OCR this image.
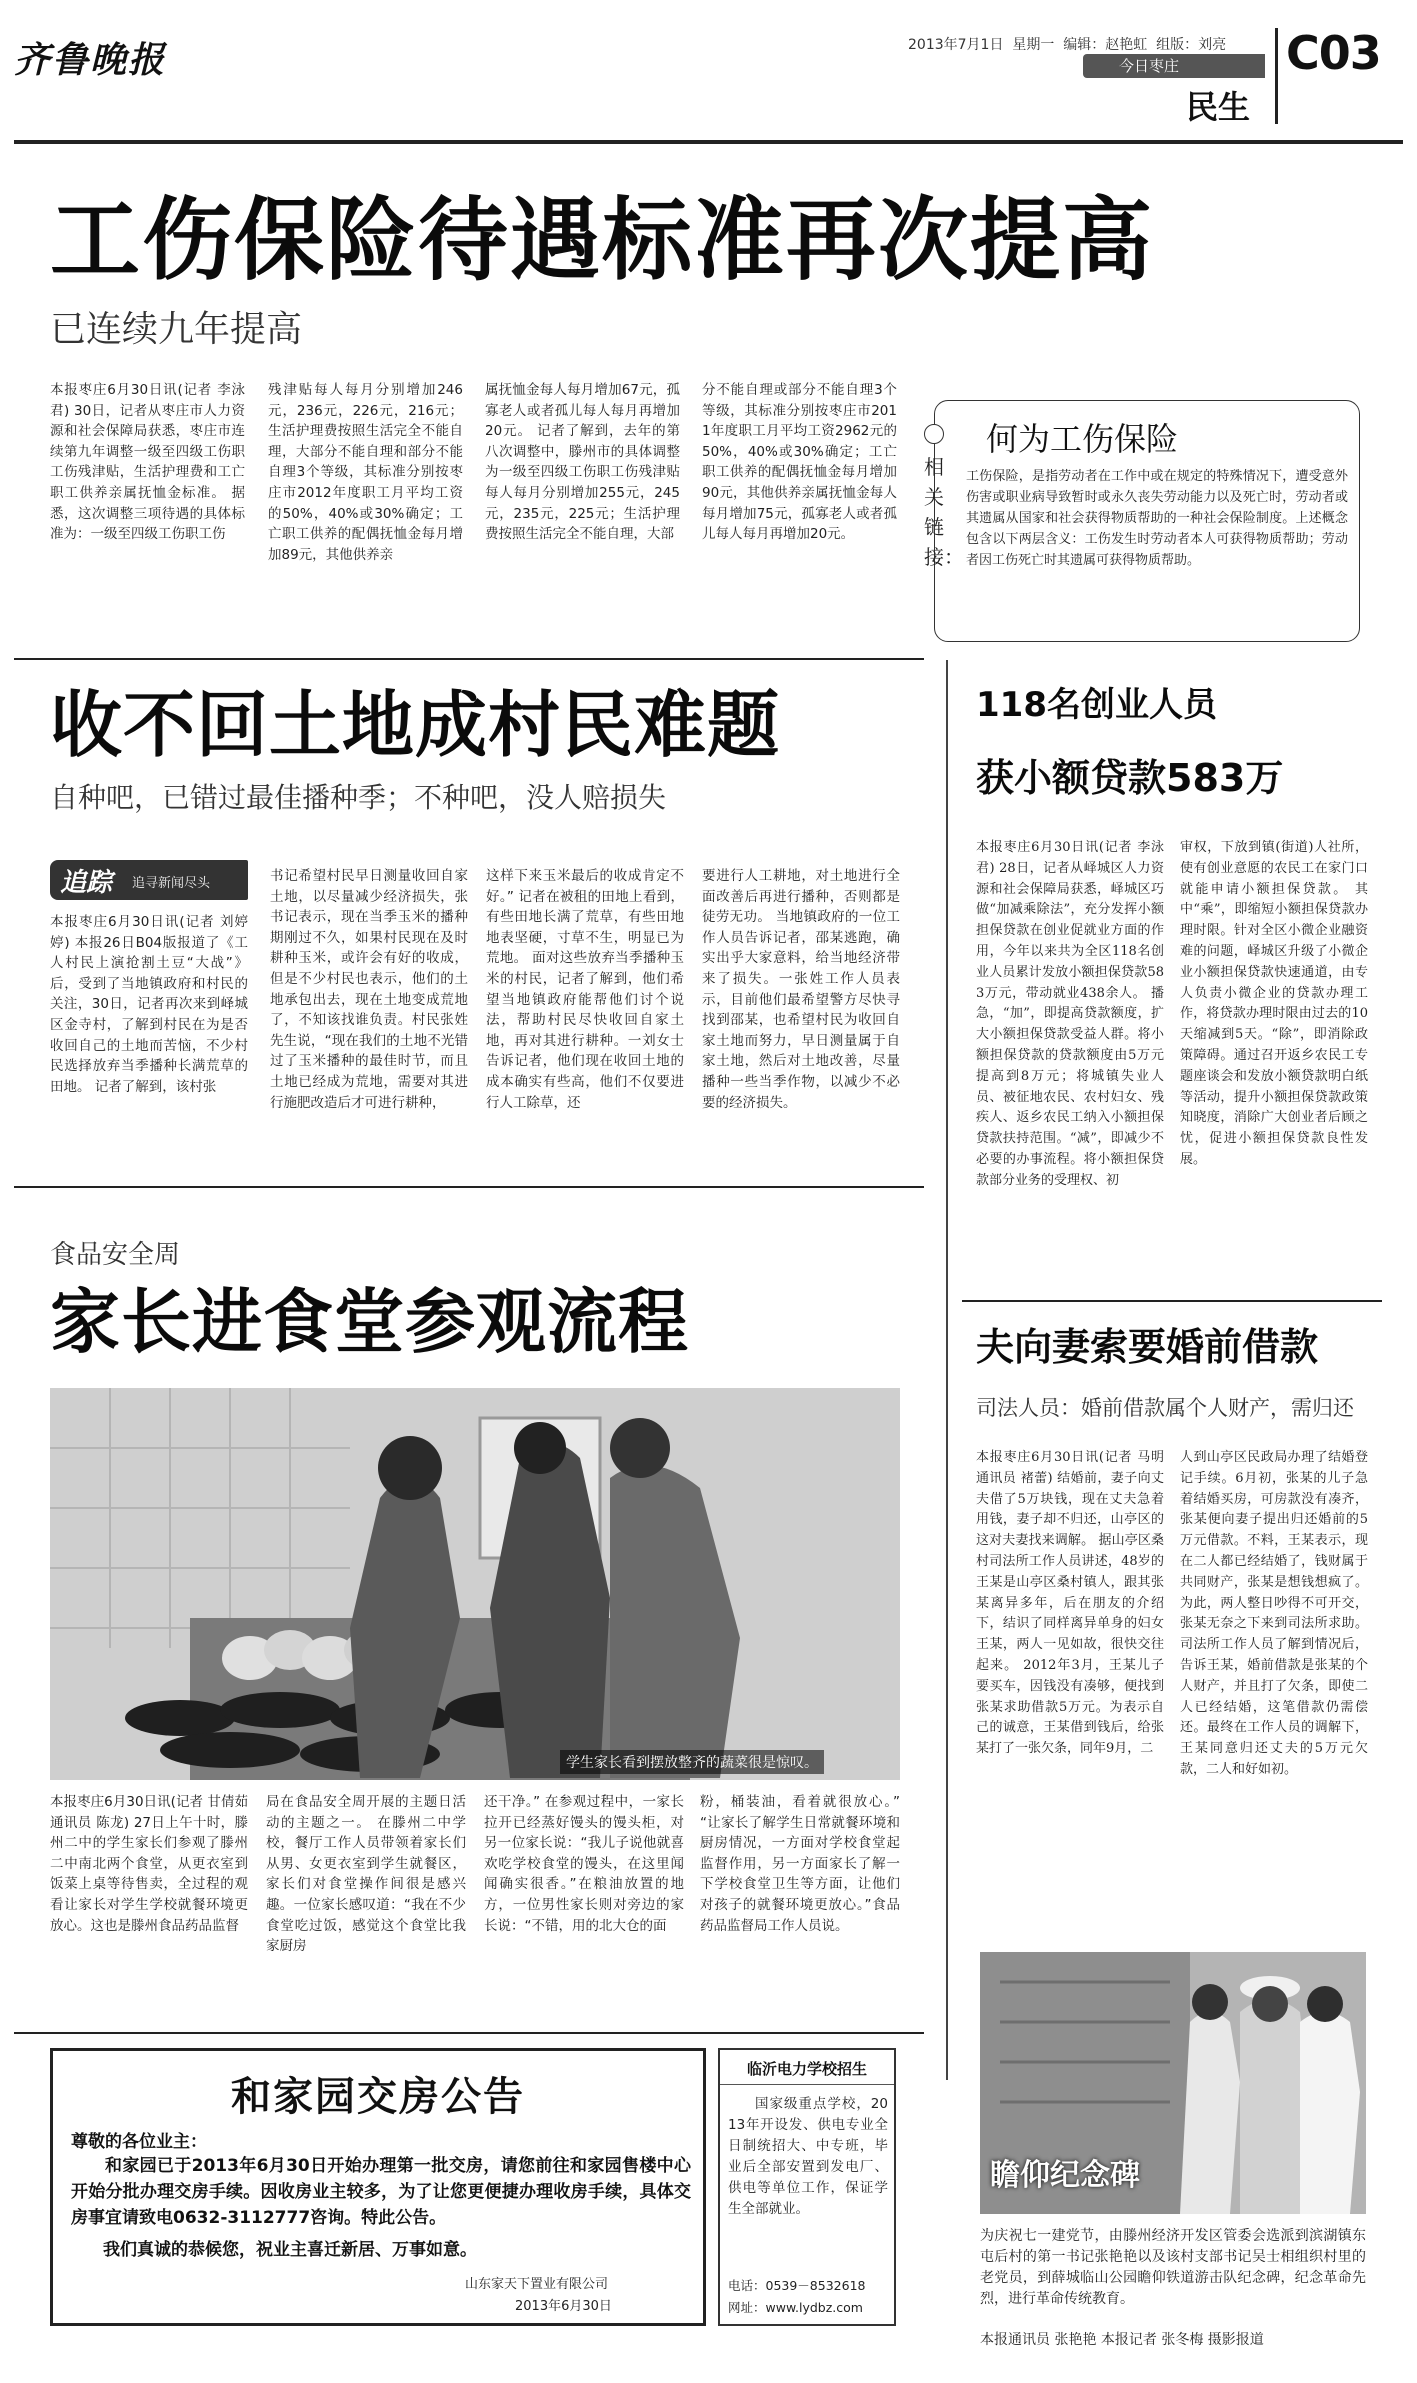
齐鲁晚报	2013年7月1日 星期一 编辑：赵艳虹 组版：刘亮
今日枣庄
民生
C03
工伤保险待遇标准再次提高
已连续九年提高
本报枣庄6月30日讯(记者 李泳君) 30日，记者从枣庄市人力资源和社会保障局获悉，枣庄市连续第九年调整一级至四级工伤职工伤残津贴，生活护理费和工亡职工供养亲属抚恤金标准。 据悉，这次调整三项待遇的具体标准为：一级至四级工伤职工伤
残津贴每人每月分别增加246元，236元，226元，216元；生活护理费按照生活完全不能自理，大部分不能自理和部分不能自理3个等级，其标准分别按枣庄市2012年度职工月平均工资的50%，40%或30%确定；工亡职工供养的配偶抚恤金每月增加89元，其他供养亲
属抚恤金每人每月增加67元，孤寡老人或者孤儿每人每月再增加20元。 记者了解到，去年的第八次调整中，滕州市的具体调整为一级至四级工伤职工伤残津贴每人每月分别增加255元，245元，235元，225元；生活护理费按照生活完全不能自理，大部
分不能自理或部分不能自理3个等级，其标准分别按枣庄市2011年度职工月平均工资2962元的50%，40%或30%确定；工亡职工供养的配偶抚恤金每月增加90元，其他供养亲属抚恤金每人每月增加75元，孤寡老人或者孤儿每人每月再增加20元。
相关链接：
何为工伤保险
工伤保险，是指劳动者在工作中或在规定的特殊情况下，遭受意外伤害或职业病导致暂时或永久丧失劳动能力以及死亡时，劳动者或其遗属从国家和社会获得物质帮助的一种社会保险制度。上述概念包含以下两层含义：工伤发生时劳动者本人可获得物质帮助；劳动者因工伤死亡时其遗属可获得物质帮助。
收不回土地成村民难题
自种吧，已错过最佳播种季；不种吧，没人赔损失
追踪 追寻新闻尽头
本报枣庄6月30日讯(记者 刘婷婷) 本报26日B04版报道了《工人村民上演抢割土豆“大战”》后，受到了当地镇政府和村民的关注，30日，记者再次来到峄城区金寺村，了解到村民在为是否收回自己的土地而苦恼，不少村民选择放弃当季播种长满荒草的田地。 记者了解到，该村张
书记希望村民早日测量收回自家土地，以尽量减少经济损失，张书记表示，现在当季玉米的播种期刚过不久，如果村民现在及时耕种玉米，或许会有好的收成，但是不少村民也表示，他们的土地承包出去，现在土地变成荒地了，不知该找谁负责。村民张姓先生说，“现在我们的土地不光错过了玉米播种的最佳时节，而且土地已经成为荒地，需要对其进行施肥改造后才可进行耕种，
这样下来玉米最后的收成肯定不好。” 记者在被租的田地上看到，有些田地长满了荒草，有些田地地表坚硬，寸草不生，明显已为荒地。 面对这些放弃当季播种玉米的村民，记者了解到，他们希望当地镇政府能帮他们讨个说法，帮助村民尽快收回自家土地，再对其进行耕种。一刘女士告诉记者，他们现在收回土地的成本确实有些高，他们不仅要进行人工除草，还
要进行人工耕地，对土地进行全面改善后再进行播种，否则都是徒劳无功。 当地镇政府的一位工作人员告诉记者，邵某逃跑，确实出乎大家意料，给当地经济带来了损失。一张姓工作人员表示，目前他们最希望警方尽快寻找到邵某，也希望村民为收回自家土地而努力，早日测量属于自家土地，然后对土地改善，尽量播种一些当季作物，以减少不必要的经济损失。
食品安全周
家长进食堂参观流程
学生家长看到摆放整齐的蔬菜很是惊叹。
本报枣庄6月30日讯(记者 甘倩茹 通讯员 陈龙) 27日上午十时，滕州二中的学生家长们参观了滕州二中南北两个食堂，从更衣室到饭菜上桌等待售卖，全过程的观看让家长对学生学校就餐环境更放心。这也是滕州食品药品监督
局在食品安全周开展的主题日活动的主题之一。 在滕州二中学校，餐厅工作人员带领着家长们从男、女更衣室到学生就餐区，家长们对食堂操作间很是感兴趣。一位家长感叹道：“我在不少食堂吃过饭，感觉这个食堂比我家厨房
还干净。” 在参观过程中，一家长拉开已经蒸好馒头的馒头柜，对另一位家长说：“我儿子说他就喜欢吃学校食堂的馒头，在这里闻闻确实很香。”在粮油放置的地方，一位男性家长则对旁边的家长说：“不错，用的北大仓的面
粉，桶装油，看着就很放心。” “让家长了解学生日常就餐环境和厨房情况，一方面对学校食堂起监督作用，另一方面家长了解一下学校食堂卫生等方面，让他们对孩子的就餐环境更放心。”食品药品监督局工作人员说。
118名创业人员
获小额贷款583万
本报枣庄6月30日讯(记者 李泳君) 28日，记者从峄城区人力资源和社会保障局获悉，峄城区巧做“加减乘除法”，充分发挥小额担保贷款在创业促就业方面的作用，今年以来共为全区118名创业人员累计发放小额担保贷款583万元，带动就业438余人。 播急，“加”，即提高贷款额度，扩大小额担保贷款受益人群。将小额担保贷款的贷款额度由5万元提高到8万元；将城镇失业人员、被征地农民、农村妇女、残疾人、返乡农民工纳入小额担保贷款扶持范围。“减”，即减少不必要的办事流程。将小额担保贷款部分业务的受理权、初
审权，下放到镇(街道)人社所，使有创业意愿的农民工在家门口就能申请小额担保贷款。 其中“乘”，即缩短小额担保贷款办理时限。针对全区小微企业融资难的问题，峄城区升级了小微企业小额担保贷款快速通道，由专人负责小微企业的贷款办理工作，将贷款办理时限由过去的10天缩减到5天。“除”，即消除政策障碍。通过召开返乡农民工专题座谈会和发放小额贷款明白纸等活动，提升小额担保贷款政策知晓度，消除广大创业者后顾之忧，促进小额担保贷款良性发展。
夫向妻索要婚前借款
司法人员：婚前借款属个人财产，需归还
本报枣庄6月30日讯(记者 马明 通讯员 褚蕾) 结婚前，妻子向丈夫借了5万块钱，现在丈夫急着用钱，妻子却不归还，山亭区的这对夫妻找来调解。 据山亭区桑村司法所工作人员讲述，48岁的王某是山亭区桑村镇人，跟其张某离异多年，后在朋友的介绍下，结识了同样离异单身的妇女王某，两人一见如故，很快交往起来。 2012年3月，王某儿子要买车，因钱没有凑够，便找到张某求助借款5万元。为表示自己的诚意，王某借到钱后，给张某打了一张欠条，同年9月，二
人到山亭区民政局办理了结婚登记手续。6月初，张某的儿子急着结婚买房，可房款没有凑齐，张某便向妻子提出归还婚前的5万元借款。不料，王某表示，现在二人都已经结婚了，钱财属于共同财产，张某是想钱想疯了。为此，两人整日吵得不可开交，张某无奈之下来到司法所求助。 司法所工作人员了解到情况后，告诉王某，婚前借款是张某的个人财产，并且打了欠条，即使二人已经结婚，这笔借款仍需偿还。最终在工作人员的调解下，王某同意归还丈夫的5万元欠款，二人和好如初。
瞻仰纪念碑
为庆祝七一建党节，由滕州经济开发区管委会选派到滨湖镇东屯后村的第一书记张艳艳以及该村支部书记吴士相组织村里的老党员，到薛城临山公园瞻仰铁道游击队纪念碑，纪念革命先烈，进行革命传统教育。
本报通讯员 张艳艳 本报记者 张冬梅 摄影报道
和家园交房公告
尊敬的各位业主：
和家园已于2013年6月30日开始办理第一批交房，请您前往和家园售楼中心开始分批办理交房手续。因收房业主较多，为了让您更便捷办理收房手续，具体交房事宜请致电0632-3112777咨询。特此公告。
我们真诚的恭候您，祝业主喜迁新居、万事如意。
山东家天下置业有限公司
2013年6月30日
临沂电力学校招生
国家级重点学校，2013年开设发、供电专业全日制统招大、中专班，毕业后全部安置到发电厂、供电等单位工作，保证学生全部就业。
电话：0539－8532618
网址：www.lydbz.com
